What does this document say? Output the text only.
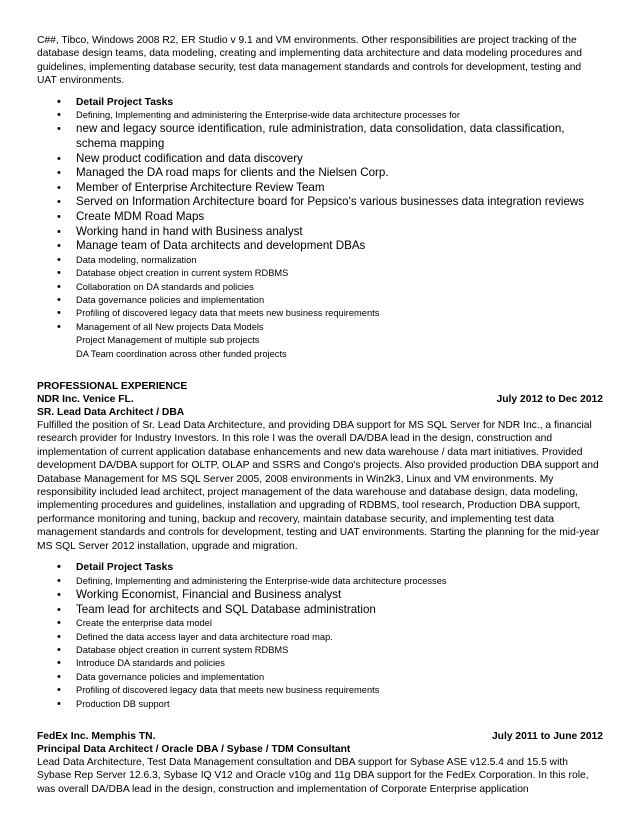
C##, Tibco, Windows 2008 R2, ER Studio v 9.1 and VM environments. Other responsibilities are project tracking of the database design teams, data modeling, creating and implementing data architecture and data modeling procedures and guidelines, implementing database security, test data management standards and controls for development, testing and UAT environments.

• Detail Project Tasks
• Defining, Implementing and administering the Enterprise-wide data architecture processes for
• new and legacy source identification, rule administration, data consolidation, data classification, schema mapping
• New product codification and data discovery
• Managed the DA road maps for clients and the Nielsen Corp.
• Member of Enterprise Architecture Review Team
• Served on Information Architecture board for Pepsico's various businesses data integration reviews
• Create MDM Road Maps
• Working hand in hand with Business analyst
• Manage team of Data architects and development DBAs
• Data modeling, normalization
• Database object creation in current system RDBMS
• Collaboration on DA standards and policies
• Data governance policies and implementation
• Profiling of discovered legacy data that meets new business requirements
• Management of all New projects Data Models
Project Management of multiple sub projects
DA Team coordination across other funded projects

PROFESSIONAL EXPERIENCE

NDR Inc. Venice FL.	July 2012 to Dec 2012

SR. Lead Data Architect / DBA

Fulfilled the position of Sr. Lead Data Architecture, and providing DBA support for MS SQL Server for NDR Inc., a financial research provider for Industry Investors. In this role I was the overall DA/DBA lead in the design, construction and implementation of current application database enhancements and new data warehouse / data mart initiatives. Provided development DA/DBA support for OLTP, OLAP and SSRS and Congo's projects. Also provided production DBA support and Database Management for MS SQL Server 2005, 2008 environments in Win2k3, Linux and VM environments. My responsibility included lead architect, project management of the data warehouse and database design, data modeling, implementing procedures and guidelines, installation and upgrading of RDBMS, tool research, Production DBA support, performance monitoring and tuning, backup and recovery, maintain database security, and implementing test data management standards and controls for development, testing and UAT environments. Starting the planning for the mid-year MS SQL Server 2012 installation, upgrade and migration.

• Detail Project Tasks
• Defining, Implementing and administering the Enterprise-wide data architecture processes
• Working Economist, Financial and Business analyst
• Team lead for architects and SQL Database administration
• Create the enterprise data model
• Defined the data access layer and data architecture road map.
• Database object creation in current system RDBMS
• Introduce DA standards and policies
• Data governance policies and implementation
• Profiling of discovered legacy data that meets new business requirements
• Production DB support
FedEx Inc. Memphis TN.	July 2011 to June 2012

Principal Data Architect / Oracle DBA / Sybase / TDM Consultant

Lead Data Architecture, Test Data Management consultation and DBA support for Sybase ASE v12.5.4 and 15.5 with Sybase Rep Server 12.6.3, Sybase IQ V12 and Oracle v10g and 11g DBA support for the FedEx Corporation. In this role, was overall DA/DBA lead in the design, construction and implementation of Corporate Enterprise application
